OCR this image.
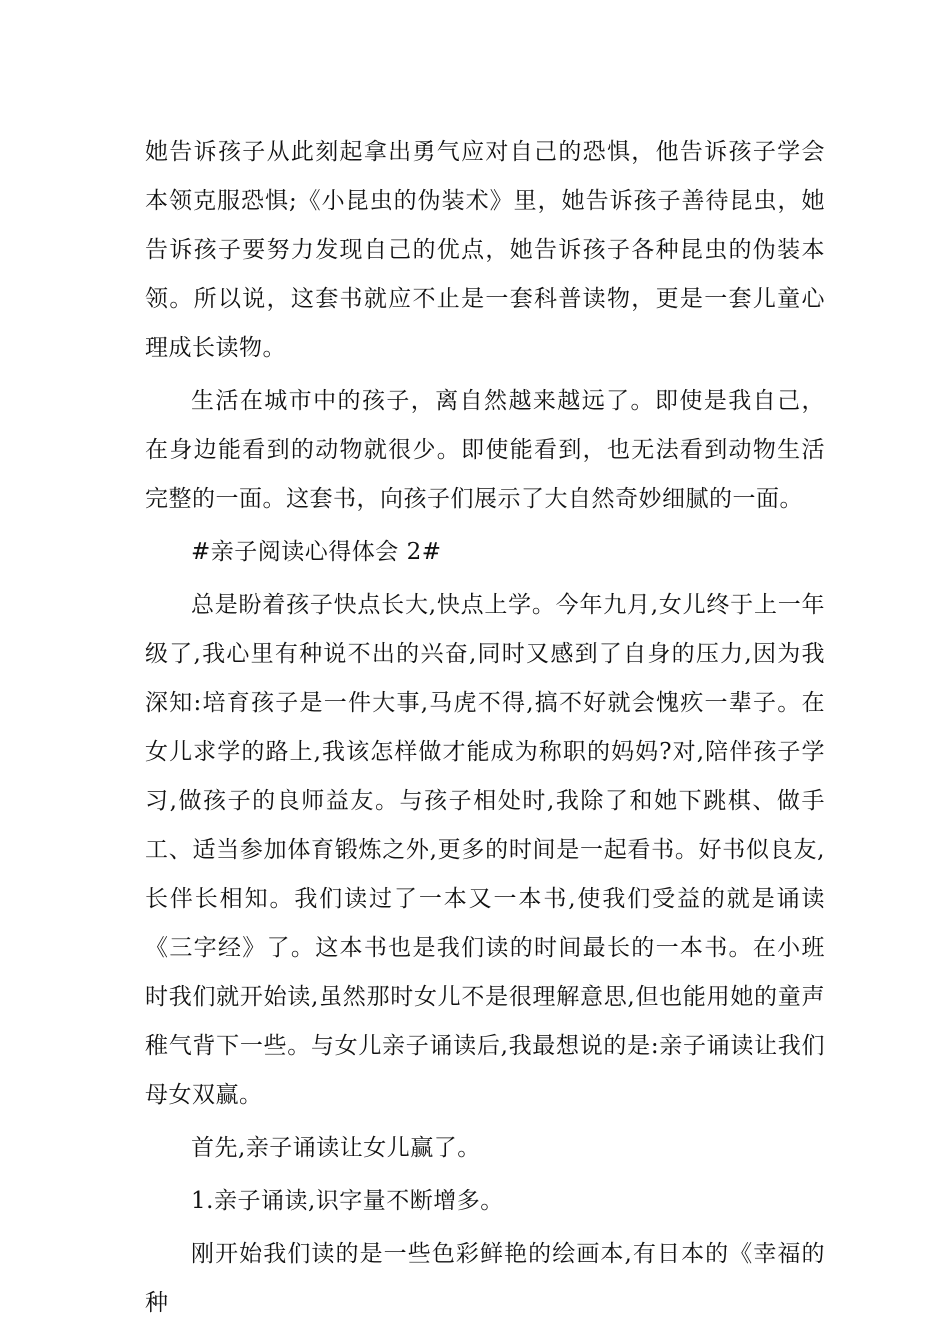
她告诉孩子从此刻起拿出勇气应对自己的恐惧，他告诉孩子学会本领克服恐惧;《小昆虫的伪装术》里，她告诉孩子善待昆虫，她告诉孩子要努力发现自己的优点，她告诉孩子各种昆虫的伪装本领。所以说，这套书就应不止是一套科普读物，更是一套儿童心理成长读物。

生活在城市中的孩子，离自然越来越远了。即使是我自己，在身边能看到的动物就很少。即使能看到，也无法看到动物生活完整的一面。这套书，向孩子们展示了大自然奇妙细腻的一面。

#亲子阅读心得体会 2#

总是盼着孩子快点长大,快点上学。今年九月,女儿终于上一年级了,我心里有种说不出的兴奋,同时又感到了自身的压力,因为我深知:培育孩子是一件大事,马虎不得,搞不好就会愧疚一辈子。在女儿求学的路上,我该怎样做才能成为称职的妈妈?对,陪伴孩子学习,做孩子的良师益友。与孩子相处时,我除了和她下跳棋、做手工、适当参加体育锻炼之外,更多的时间是一起看书。好书似良友,长伴长相知。我们读过了一本又一本书,使我们受益的就是诵读《三字经》了。这本书也是我们读的时间最长的一本书。在小班时我们就开始读,虽然那时女儿不是很理解意思,但也能用她的童声稚气背下一些。与女儿亲子诵读后,我最想说的是:亲子诵读让我们母女双赢。

首先,亲子诵读让女儿赢了。

1.亲子诵读,识字量不断增多。

刚开始我们读的是一些色彩鲜艳的绘画本,有日本的《幸福的种
